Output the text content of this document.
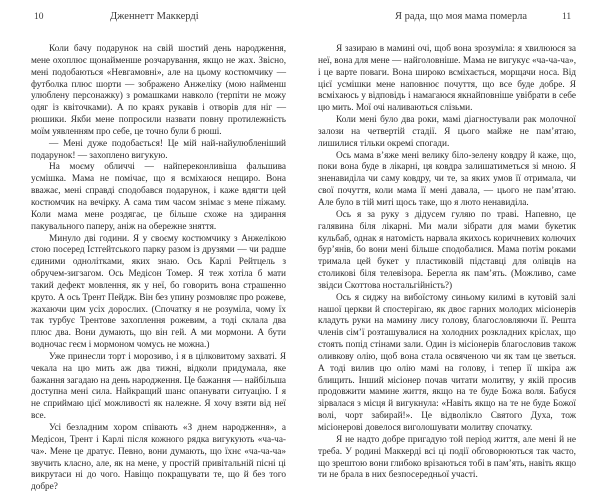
10	Дженнетт Маккерді

Коли бачу подарунок на свій шостий день народження, мене охоплює щонайменше розчарування, якщо не жах. Звісно, мені подобаються «Невгамовні», але на цьому костюмчику — футболка плюс шорти — зображено Анжеліку (мою найменш улюблену персонажку) з ромашками навколо (терпіти не можу одяг із квіточками). А по краях рукавів і отворів для ніг — рюшики. Якби мене попросили назвати повну протилежність моїм уявленням про себе, це точно були б рюші.

— Мені дуже подобається! Це мій най-найулюбленіший подарунок! — захоплено вигукую.

На моєму обличчі — найпереконливіша фальшива усмішка. Мама не помічає, що я всміхаюся нещиро. Вона вважає, мені справді сподобався подарунок, і каже вдягти цей костюмчик на вечірку. А сама тим часом знімає з мене піжаму. Коли мама мене роздягає, це більше схоже на здирання пакувального паперу, аніж на обережне зняття.

Минуло дві години. Я у своєму костюмчику з Анжелікою стою посеред Істгейтського парку разом із друзями — чи радше єдиними однолітками, яких знаю. Ось Карлі Рейтцель з обручем-зигзагом. Ось Медісон Томер. Я теж хотіла б мати такий дефект мовлення, як у неї, бо говорить вона страшенно круто. А ось Трент Пейдж. Він без упину розмовляє про рожеве, жахаючи цим усіх дорослих. (Спочатку я не розуміла, чому їх так турбує Трентове захоплення рожевим, а тоді склала два плюс два. Вони думають, що він гей. А ми мормони. А бути водночас геєм і мормоном чомусь не можна.)

Уже принесли торт і морозиво, і я в цілковитому захваті. Я чекала на цю мить аж два тижні, відколи придумала, яке бажання загадаю на день народження. Це бажання — найбільша доступна мені сила. Найкращий шанс опанувати ситуацію. І я не сприймаю цієї можливості як належне. Я хочу взяти від неї все.

Усі безладним хором співають «З днем народження», а Медісон, Трент і Карлі після кожного рядка вигукують «ча-ча-ча». Мене це дратує. Певно, вони думають, що їхнє «ча-ча-ча» звучить класно, але, як на мене, у простій привітальній пісні ці викрутаси ні до чого. Навіщо покращувати те, що й без того добре?

Я рада, що моя мама померла	11

Я зазираю в мамині очі, щоб вона зрозуміла: я хвилююся за неї, вона для мене — найголовніше. Мама не вигукує «ча-ча-ча», і це варте поваги. Вона широко всміхається, морщачи носа. Від цієї усмішки мене наповнює почуття, що все буде добре. Я всміхаюсь у відповідь і намагаюся якнайповніше увібрати в себе цю мить. Мої очі наливаються слізьми.

Коли мені було два роки, мамі діагностували рак молочної залози на четвертій стадії. Я цього майже не пам’ятаю, лишилися тільки окремі спогади.

Ось мама в’яже мені велику біло-зелену ковдру й каже, що, поки вона буде в лікарні, ця ковдра залишатиметься зі мною. Я зненавиділа чи саму ковдру, чи те, за яких умов її отримала, чи свої почуття, коли мама її мені давала, — цього не пам’ятаю. Але було в тій миті щось таке, що я люто ненавиділа.

Ось я за руку з дідусем гуляю по траві. Напевно, це галявина біля лікарні. Ми мали зібрати для мами букетик кульбаб, однак я натомість нарвала якихось коричневих колючих бур’янів, бо вони мені більше сподобалися. Мама потім роками тримала цей букет у пластиковій підставці для олівців на столикові біля телевізора. Берегла як пам’ять. (Можливо, саме звідси Скоттова ностальгійність?)

Ось я сиджу на вибоїстому синьому килимі в кутовій залі нашої церкви й спостерігаю, як двоє гарних молодих місіонерів кладуть руки на мамину лису голову, благословляючи її. Решта членів сім’ї розташувалися на холодних розкладних кріслах, що стоять попід стінами зали. Один із місіонерів благословив також оливкову олію, щоб вона стала освяченою чи як там це зветься. А тоді вилив цю олію мамі на голову, і тепер її шкіра аж блищить. Інший місіонер почав читати молитву, у якій просив продовжити мамине життя, якщо на те буде Божа воля. Бабуся зірвалася з місця й вигукнула: «Навіть якщо на те не буде Божої волі, чорт забирай!». Це відволікло Святого Духа, тож місіонерові довелося виголошувати молитву спочатку.

Я не надто добре пригадую той період життя, але мені й не треба. У родині Маккерді всі ці події обговорюються так часто, що зрештою вони глибоко врізаються тобі в пам’ять, навіть якщо ти не брала в них безпосередньої участі.
